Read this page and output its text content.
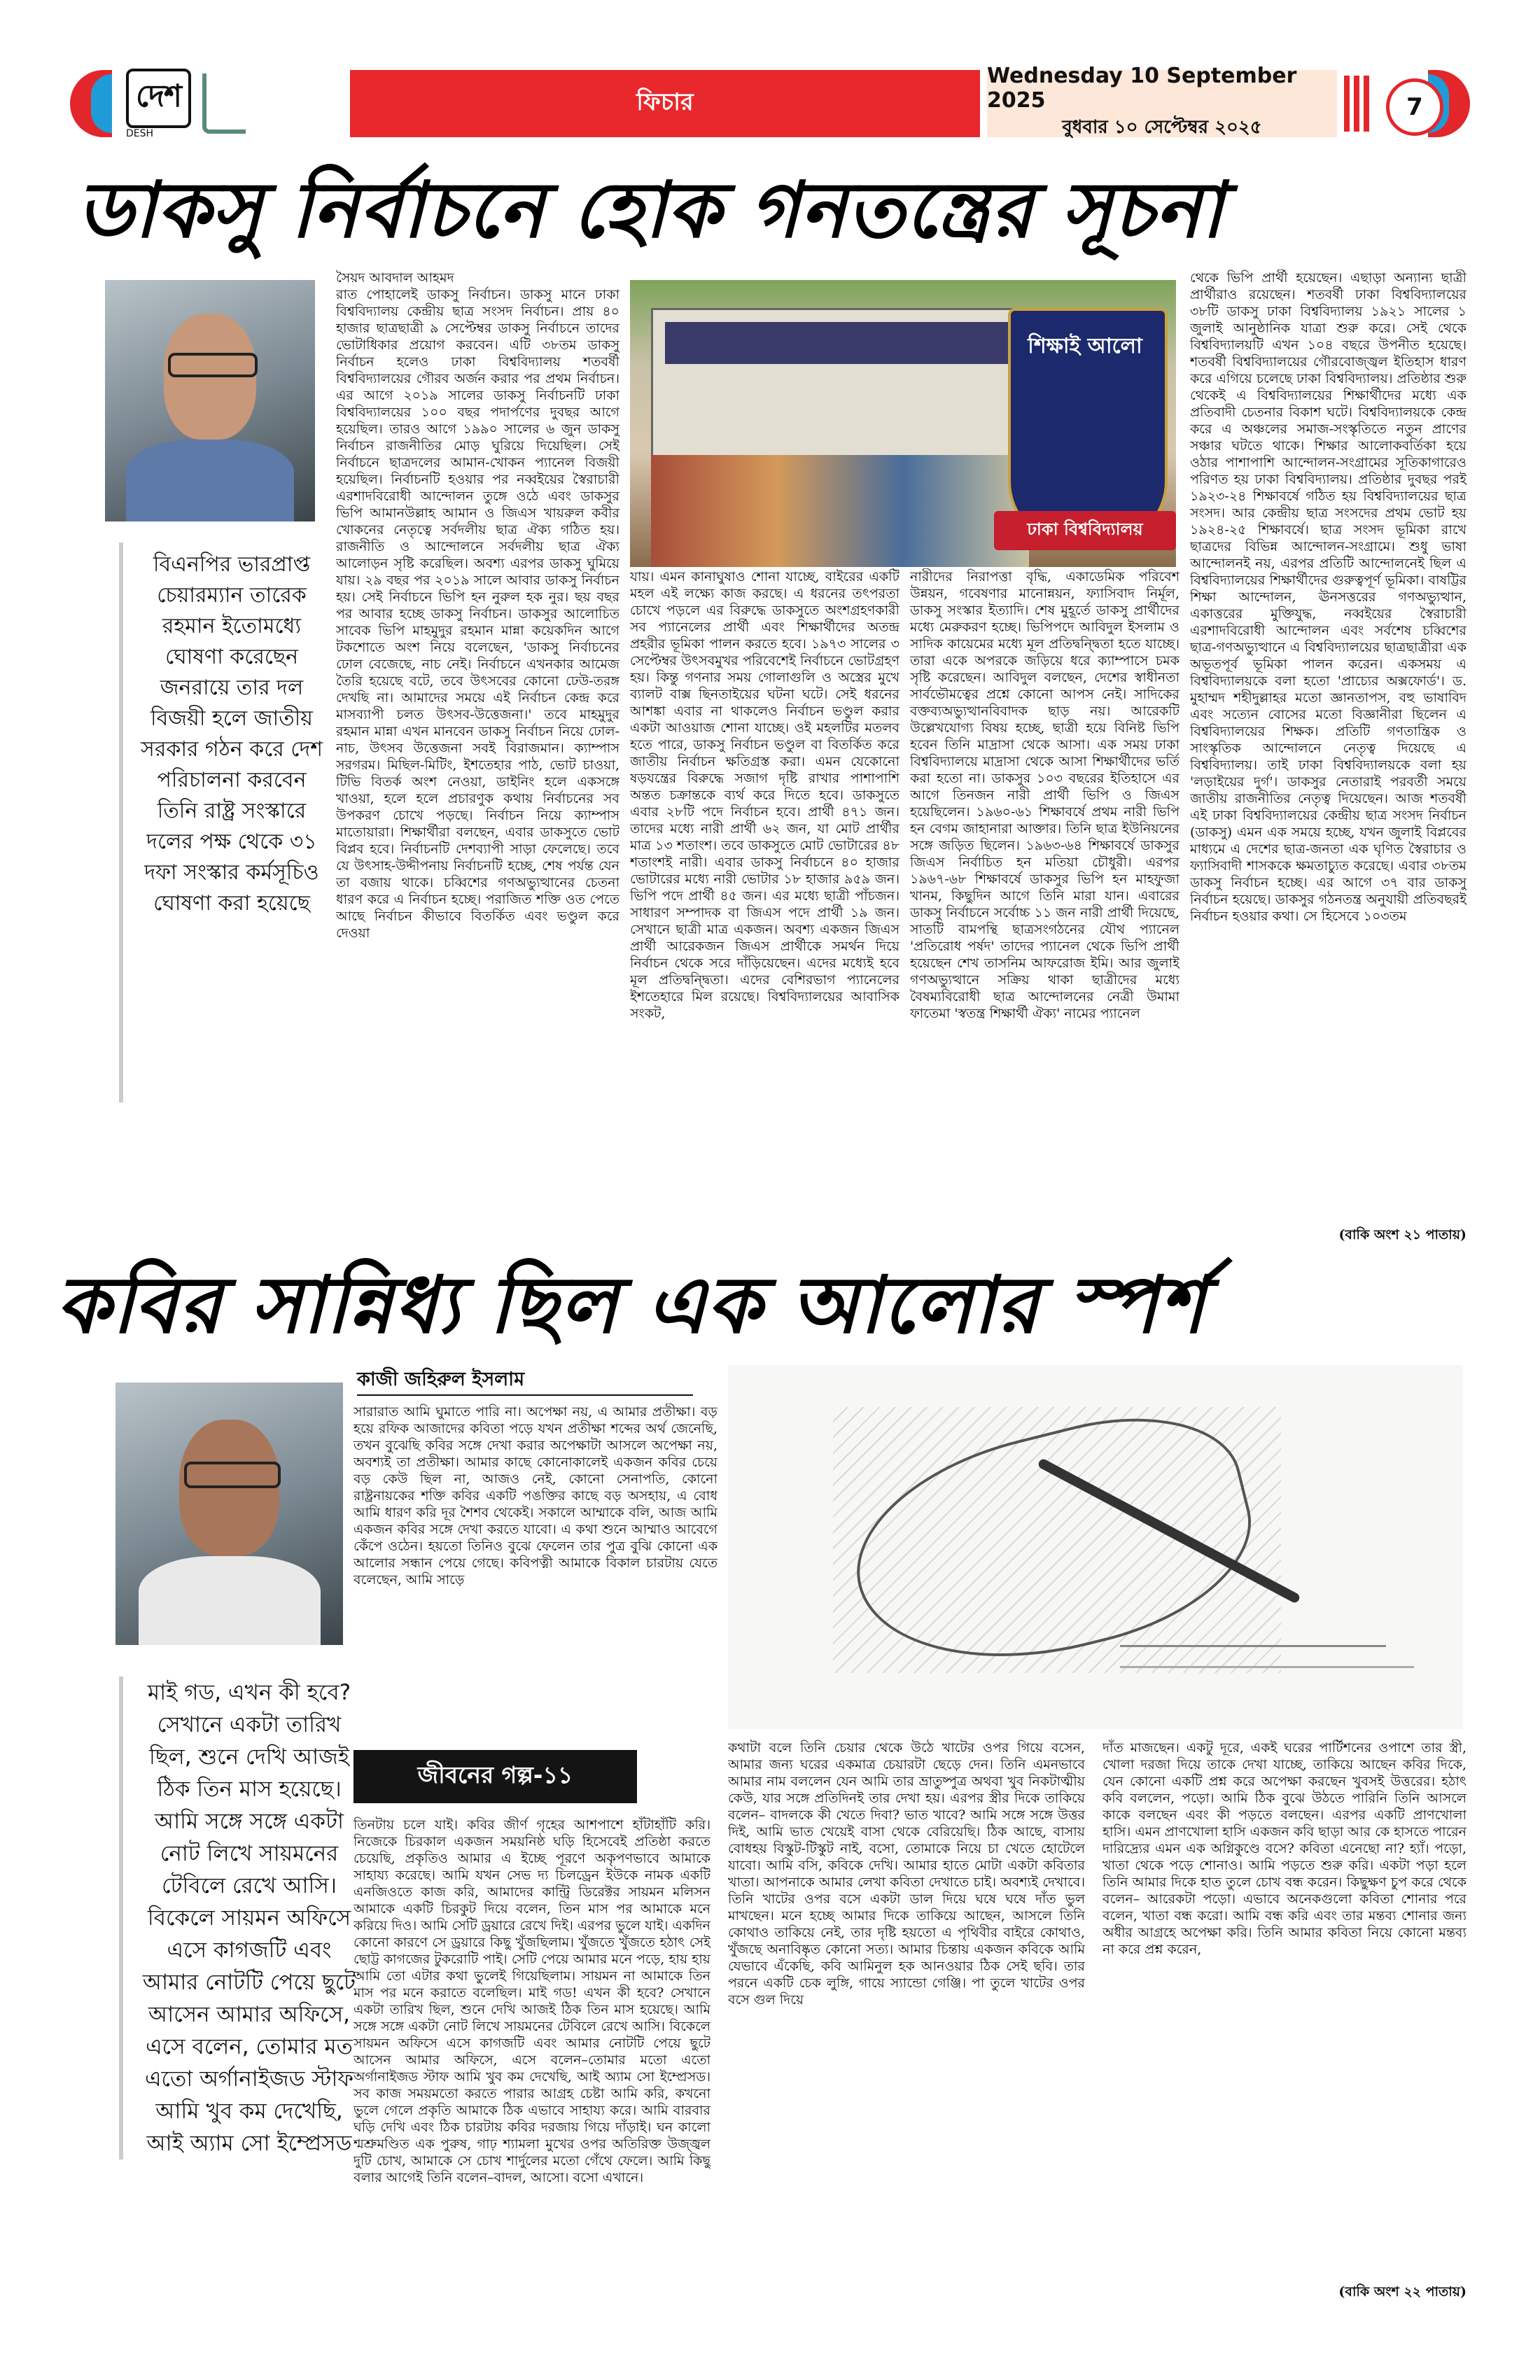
দেশ
DESH
ফিচার
Wednesday 10 September 2025
বুধবার ১০ সেপ্টেম্বর ২০২৫
7
ডাকসু নির্বাচনে হোক গনতন্ত্রের সূচনা
বিএনপির ভারপ্রাপ্ত চেয়ারম্যান তারেক রহমান ইতোমধ্যে ঘোষণা করেছেন জনরায়ে তার দল বিজয়ী হলে জাতীয় সরকার গঠন করে দেশ পরিচালনা করবেন তিনি রাষ্ট্র সংস্কারে দলের পক্ষ থেকে ৩১ দফা সংস্কার কর্মসূচিও ঘোষণা করা হয়েছে

সৈয়দ আবদাল আহমদ

রাত পোহালেই ডাকসু নির্বাচন। ডাকসু মানে ঢাকা বিশ্ববিদ্যালয় কেন্দ্রীয় ছাত্র সংসদ নির্বাচন। প্রায় ৪০ হাজার ছাত্রছাত্রী ৯ সেপ্টেম্বর ডাকসু নির্বাচনে তাদের ভোটাধিকার প্রয়োগ করবেন। এটি ৩৮তম ডাকসু নির্বাচন হলেও ঢাকা বিশ্ববিদ্যালয় শতবর্ষী বিশ্ববিদ্যালয়ের গৌরব অর্জন করার পর প্রথম নির্বাচন। এর আগে ২০১৯ সালের ডাকসু নির্বাচনটি ঢাকা বিশ্ববিদ্যালয়ের ১০০ বছর পদার্পণের দুবছর আগে হয়েছিল। তারও আগে ১৯৯০ সালের ৬ জুন ডাকসু নির্বাচন রাজনীতির মোড় ঘুরিয়ে দিয়েছিল। সেই নির্বাচনে ছাত্রদলের আমান-খোকন প্যানেল বিজয়ী হয়েছিল। নির্বাচনটি হওয়ার পর নব্বইয়ের স্বৈরাচারী এরশাদবিরোধী আন্দোলন তুঙ্গে ওঠে এবং ডাকসুর ভিপি আমানউল্লাহ আমান ও জিএস খায়রুল কবীর খোকনের নেতৃত্বে সর্বদলীয় ছাত্র ঐক্য গঠিত হয়। রাজনীতি ও আন্দোলনে সর্বদলীয় ছাত্র ঐক্য আলোড়ন সৃষ্টি করেছিল। অবশ্য এরপর ডাকসু ঘুমিয়ে যায়। ২৯ বছর পর ২০১৯ সালে আবার ডাকসু নির্বাচন হয়। সেই নির্বাচনে ভিপি হন নুরুল হক নুর। ছয় বছর পর আবার হচ্ছে ডাকসু নির্বাচন। ডাকসুর আলোচিত সাবেক ভিপি মাহমুদুর রহমান মান্না কয়েকদিন আগে টকশোতে অংশ নিয়ে বলেছেন, 'ডাকসু নির্বাচনের ঢোল বেজেছে, নাচ নেই। নির্বাচনে এখনকার আমেজ তৈরি হয়েছে বটে, তবে উৎসবের কোনো ঢেউ-তরঙ্গ দেখছি না। আমাদের সময়ে এই নির্বাচন কেন্দ্র করে মাসব্যাপী চলত উৎসব-উত্তেজনা।' তবে মাহমুদুর রহমান মান্না এখন মানবেন ডাকসু নির্বাচন নিয়ে ঢোল-নাচ, উৎসব উত্তেজনা সবই বিরাজমান। ক্যাম্পাস সরগরম। মিছিল-মিটিং, ইশতেহার পাঠ, ভোট চাওয়া, টিভি বিতর্ক অংশ নেওয়া, ডাইনিং হলে একসঙ্গে খাওয়া, হলে হলে প্রচারণুক কথায় নির্বাচনের সব উপকরণ চোখে পড়ছে। নির্বাচন নিয়ে ক্যাম্পাস মাতোয়ারা। শিক্ষার্থীরা বলছেন, এবার ডাকসুতে ভোট বিপ্লব হবে। নির্বাচনটি দেশব্যাপী সাড়া ফেলেছে। তবে যে উৎসাহ-উদ্দীপনায় নির্বাচনটি হচ্ছে, শেষ পর্যন্ত যেন তা বজায় থাকে। চব্বিশের গণঅভ্যুত্থানের চেতনা ধারণ করে এ নির্বাচন হচ্ছে। পরাজিত শক্তি ওত পেতে আছে নির্বাচন কীভাবে বিতর্কিত এবং ভণ্ডুল করে দেওয়া

শিক্ষাই আলো
ঢাকা বিশ্ববিদ্যালয়

যায়। এমন কানাঘুষাও শোনা যাচ্ছে, বাইরের একটি মহল এই লক্ষ্যে কাজ করছে। এ ধরনের তৎপরতা চোখে পড়লে এর বিরুদ্ধে ডাকসুতে অংশগ্রহণকারী সব প্যানেলের প্রার্থী এবং শিক্ষার্থীদের অতন্দ্র প্রহরীর ভূমিকা পালন করতে হবে। ১৯৭৩ সালের ৩ সেপ্টেম্বর উৎসবমুখর পরিবেশেই নির্বাচনে ভোটগ্রহণ হয়। কিন্তু গণনার সময় গোলাগুলি ও অস্ত্রের মুখে ব্যালট বাক্স ছিনতাইয়ের ঘটনা ঘটে। সেই ধরনের আশঙ্কা এবার না থাকলেও নির্বাচন ভণ্ডুল করার একটা আওয়াজ শোনা যাচ্ছে। ওই মহলটির মতলব হতে পারে, ডাকসু নির্বাচন ভণ্ডুল বা বিতর্কিত করে জাতীয় নির্বাচন ক্ষতিগ্রস্ত করা। এমন যেকোনো ষড়যন্ত্রের বিরুদ্ধে সজাগ দৃষ্টি রাখার পাশাপাশি অন্তত চক্রান্তকে ব্যর্থ করে দিতে হবে। ডাকসুতে এবার ২৮টি পদে নির্বাচন হবে। প্রার্থী ৪৭১ জন। তাদের মধ্যে নারী প্রার্থী ৬২ জন, যা মোট প্রার্থীর মাত্র ১৩ শতাংশ। তবে ডাকসুতে মোট ভোটারের ৪৮ শতাংশই নারী। এবার ডাকসু নির্বাচনে ৪০ হাজার ভোটারের মধ্যে নারী ভোটার ১৮ হাজার ৯৫৯ জন। ভিপি পদে প্রার্থী ৪৫ জন। এর মধ্যে ছাত্রী পাঁচজন। সাধারণ সম্পাদক বা জিএস পদে প্রার্থী ১৯ জন। সেখানে ছাত্রী মাত্র একজন। অবশ্য একজন জিএস প্রার্থী আরেকজন জিএস প্রার্থীকে সমর্থন দিয়ে নির্বাচন থেকে সরে দাঁড়িয়েছেন। এদের মধ্যেই হবে মূল প্রতিদ্বন্দ্বিতা। এদের বেশিরভাগ প্যানেলের ইশতেহারে মিল রয়েছে। বিশ্ববিদ্যালয়ের আবাসিক সংকট,

নারীদের নিরাপত্তা বৃদ্ধি, একাডেমিক পরিবেশ উন্নয়ন, গবেষণার মানোন্নয়ন, ফ্যাসিবাদ নির্মূল, ডাকসু সংস্কার ইত্যাদি। শেষ মুহূর্তে ডাকসু প্রার্থীদের মধ্যে মেরুকরণ হচ্ছে। ভিপিপদে আবিদুল ইসলাম ও সাদিক কায়েমের মধ্যে মূল প্রতিদ্বন্দ্বিতা হতে যাচ্ছে। তারা একে অপরকে জড়িয়ে ধরে ক্যাম্পাসে চমক সৃষ্টি করেছেন। আবিদুল বলছেন, দেশের স্বাধীনতা সার্বভৌমত্বের প্রশ্নে কোনো আপস নেই। সাদিকের বক্তব্যঅভ্যুত্থানবিবাদক ছাড় নয়। আরেকটি উল্লেখযোগ্য বিষয় হচ্ছে, ছাত্রী হয়ে বিনিষ্ট ভিপি হবেন তিনি মাদ্রাসা থেকে আসা। এক সময় ঢাকা বিশ্ববিদ্যালয়ে মাদ্রাসা থেকে আসা শিক্ষার্থীদের ভর্তি করা হতো না। ডাকসুর ১০৩ বছরের ইতিহাসে এর আগে তিনজন নারী প্রার্থী ভিপি ও জিএস হয়েছিলেন। ১৯৬০-৬১ শিক্ষাবর্ষে প্রথম নারী ভিপি হন বেগম জাহানারা আক্তার। তিনি ছাত্র ইউনিয়নের সঙ্গে জড়িত ছিলেন। ১৯৬৩-৬৪ শিক্ষাবর্ষে ডাকসুর জিএস নির্বাচিত হন মতিয়া চৌধুরী। এরপর ১৯৬৭-৬৮ শিক্ষাবর্ষে ডাকসুর ভিপি হন মাহফুজা খানম, কিছুদিন আগে তিনি মারা যান। এবারের ডাকসু নির্বাচনে সর্বোচ্চ ১১ জন নারী প্রার্থী দিয়েছে, সাতটি বামপন্থি ছাত্রসংগঠনের যৌথ প্যানেল 'প্রতিরোধ পর্ষদ' তাদের প্যানেল থেকে ভিপি প্রার্থী হয়েছেন শেখ তাসনিম আফরোজ ইমি। আর জুলাই গণঅভ্যুত্থানে সক্রিয় থাকা ছাত্রীদের মধ্যে বৈষম্যবিরোধী ছাত্র আন্দোলনের নেত্রী উমামা ফাতেমা 'স্বতন্ত্র শিক্ষার্থী ঐক্য' নামের প্যানেল

থেকে ভিপি প্রার্থী হয়েছেন। এছাড়া অন্যান্য ছাত্রী প্রার্থীরাও রয়েছেন। শতবর্ষী ঢাকা বিশ্ববিদ্যালয়ের ৩৮টি ডাকসু ঢাকা বিশ্ববিদ্যালয় ১৯২১ সালের ১ জুলাই আনুষ্ঠানিক যাত্রা শুরু করে। সেই থেকে বিশ্ববিদ্যালয়টি এখন ১০৪ বছরে উপনীত হয়েছে। শতবর্ষী বিশ্ববিদ্যালয়ের গৌরবোজ্জ্বল ইতিহাস ধারণ করে এগিয়ে চলেছে ঢাকা বিশ্ববিদ্যালয়। প্রতিষ্ঠার শুরু থেকেই এ বিশ্ববিদ্যালয়ের শিক্ষার্থীদের মধ্যে এক প্রতিবাদী চেতনার বিকাশ ঘটে। বিশ্ববিদ্যালয়কে কেন্দ্র করে এ অঞ্চলের সমাজ-সংস্কৃতিতে নতুন প্রাণের সঞ্চার ঘটতে থাকে। শিক্ষার আলোকবর্তিকা হয়ে ওঠার পাশাপাশি আন্দোলন-সংগ্রামের সূতিকাগারেও পরিণত হয় ঢাকা বিশ্ববিদ্যালয়। প্রতিষ্ঠার দুবছর পরই ১৯২৩-২৪ শিক্ষাবর্ষে গঠিত হয় বিশ্ববিদ্যালয়ের ছাত্র সংসদ। আর কেন্দ্রীয় ছাত্র সংসদের প্রথম ভোট হয় ১৯২৪-২৫ শিক্ষাবর্ষে। ছাত্র সংসদ ভূমিকা রাখে ছাত্রদের বিভিন্ন আন্দোলন-সংগ্রামে। শুধু ভাষা আন্দোলনই নয়, এরপর প্রতিটি আন্দোলনেই ছিল এ বিশ্ববিদ্যালয়ের শিক্ষার্থীদের গুরুত্বপূর্ণ ভূমিকা। বাষট্টির শিক্ষা আন্দোলন, ঊনসত্তরের গণঅভ্যুত্থান, একাত্তরের মুক্তিযুদ্ধ, নব্বইয়ের স্বৈরাচারী এরশাদবিরোধী আন্দোলন এবং সর্বশেষ চব্বিশের ছাত্র-গণঅভ্যুত্থানে এ বিশ্ববিদ্যালয়ের ছাত্রছাত্রীরা এক অভূতপূর্ব ভূমিকা পালন করেন। একসময় এ বিশ্ববিদ্যালয়কে বলা হতো 'প্রাচ্যের অক্সফোর্ড'। ড. মুহাম্মদ শহীদুল্লাহর মতো জ্ঞানতাপস, বহু ভাষাবিদ এবং সত্যেন বোসের মতো বিজ্ঞানীরা ছিলেন এ বিশ্ববিদ্যালয়ের শিক্ষক। প্রতিটি গণতান্ত্রিক ও সাংস্কৃতিক আন্দোলনে নেতৃত্ব দিয়েছে এ বিশ্ববিদ্যালয়। তাই ঢাকা বিশ্ববিদ্যালয়কে বলা হয় 'লড়াইয়ের দুর্গ'। ডাকসুর নেতারাই পরবর্তী সময়ে জাতীয় রাজনীতির নেতৃত্ব দিয়েছেন। আজ শতবর্ষী এই ঢাকা বিশ্ববিদ্যালয়ের কেন্দ্রীয় ছাত্র সংসদ নির্বাচন (ডাকসু) এমন এক সময়ে হচ্ছে, যখন জুলাই বিপ্লবের মাধ্যমে এ দেশের ছাত্র-জনতা এক ঘৃণিত স্বৈরাচার ও ফ্যাসিবাদী শাসককে ক্ষমতাচ্যুত করেছে। এবার ৩৮তম ডাকসু নির্বাচন হচ্ছে। এর আগে ৩৭ বার ডাকসু নির্বাচন হয়েছে। ডাকসুর গঠনতন্ত্র অনুযায়ী প্রতিবছরই নির্বাচন হওয়ার কথা। সে হিসেবে ১০৩তম

(বাকি অংশ ২১ পাতায়)
কবির সান্নিধ্য ছিল এক আলোর স্পর্শ
কাজী জহিরুল ইসলাম

সারারাত আমি ঘুমাতে পারি না। অপেক্ষা নয়, এ আমার প্রতীক্ষা। বড় হয়ে রফিক আজাদের কবিতা পড়ে যখন প্রতীক্ষা শব্দের অর্থ জেনেছি, তখন বুঝেছি কবির সঙ্গে দেখা করার অপেক্ষাটা আসলে অপেক্ষা নয়, অবশ্যই তা প্রতীক্ষা। আমার কাছে কোনোকালেই একজন কবির চেয়ে বড় কেউ ছিল না, আজও নেই, কোনো সেনাপতি, কোনো রাষ্ট্রনায়কের শক্তি কবির একটি পঙক্তির কাছে বড় অসহায়, এ বোধ আমি ধারণ করি দূর শৈশব থেকেই। সকালে আম্মাকে বলি, আজ আমি একজন কবির সঙ্গে দেখা করতে যাবো। এ কথা শুনে আম্মাও আবেগে কেঁপে ওঠেন। হয়তো তিনিও বুঝে ফেলেন তার পুত্র বুঝি কোনো এক আলোর সন্ধান পেয়ে গেছে। কবিপত্নী আমাকে বিকাল চারটায় যেতে বলেছেন, আমি সাড়ে

মাই গড, এখন কী হবে? সেখানে একটা তারিখ ছিল, শুনে দেখি আজই ঠিক তিন মাস হয়েছে। আমি সঙ্গে সঙ্গে একটা নোট লিখে সায়মনের টেবিলে রেখে আসি। বিকেলে সায়মন অফিসে এসে কাগজটি এবং আমার নোটটি পেয়ে ছুটে আসেন আমার অফিসে, এসে বলেন, তোমার মত এতো অর্গানাইজড স্টাফ আমি খুব কম দেখেছি, আই অ্যাম সো ইম্প্রেসড
জীবনের গল্প-১১

তিনটায় চলে যাই। কবির জীর্ণ গৃহের আশপাশে হাঁটাহাঁটি করি। নিজেকে চিরকাল একজন সময়নিষ্ঠ ঘড়ি হিসেবেই প্রতিষ্ঠা করতে চেয়েছি, প্রকৃতিও আমার এ ইচ্ছে পূরণে অকৃপণভাবে আমাকে সাহায্য করেছে। আমি যখন সেভ দ্য চিলড্রেন ইউকে নামক একটি এনজিওতে কাজ করি, আমাদের কান্ট্রি ডিরেক্টর সায়মন মলিসন আমাকে একটি চিরকুট দিয়ে বলেন, তিন মাস পর আমাকে মনে করিয়ে দিও। আমি সেটি ড্রয়ারে রেখে দিই। এরপর ভুলে যাই। একদিন কোনো কারণে সে ড্রয়ারে কিছু খুঁজছিলাম। খুঁজতে খুঁজতে হঠাৎ সেই ছোট্ট কাগজের টুকরোটি পাই। সেটি পেয়ে আমার মনে পড়ে, হায় হায় আমি তো এটার কথা ভুলেই গিয়েছিলাম। সায়মন না আমাকে তিন মাস পর মনে করাতে বলেছিল। মাই গড! এখন কী হবে? সেখানে একটা তারিখ ছিল, শুনে দেখি আজই ঠিক তিন মাস হয়েছে। আমি সঙ্গে সঙ্গে একটা নোট লিখে সায়মনের টেবিলে রেখে আসি। বিকেলে সায়মন অফিসে এসে কাগজটি এবং আমার নোটটি পেয়ে ছুটে আসেন আমার অফিসে, এসে বলেন–তোমার মতো এতো অর্গানাইজড স্টাফ আমি খুব কম দেখেছি, আই অ্যাম সো ইম্প্রেসড। সব কাজ সময়মতো করতে পারার আগ্রহ চেষ্টা আমি করি, কখনো ভুলে গেলে প্রকৃতি আমাকে ঠিক এভাবে সাহায্য করে। আমি বারবার ঘড়ি দেখি এবং ঠিক চারটায় কবির দরজায় গিয়ে দাঁড়াই। ঘন কালো শ্মশ্রুমণ্ডিত এক পুরুষ, গাঢ় শ্যামলা মুখের ওপর অতিরিক্ত উজ্জ্বল দুটি চোখ, আমাকে সে চোখ শার্দুলের মতো গেঁথে ফেলে। আমি কিছু বলার আগেই তিনি বলেন–বাদল, আসো। বসো এখানে।

কথাটা বলে তিনি চেয়ার থেকে উঠে খাটের ওপর গিয়ে বসেন, আমার জন্য ঘরের একমাত্র চেয়ারটা ছেড়ে দেন। তিনি এমনভাবে আমার নাম বললেন যেন আমি তার ভ্রাতুষ্পুত্র অথবা খুব নিকটাত্মীয় কেউ, যার সঙ্গে প্রতিদিনই তার দেখা হয়। এরপর স্ত্রীর দিকে তাকিয়ে বলেন– বাদলকে কী খেতে দিবা? ভাত খাবে? আমি সঙ্গে সঙ্গে উত্তর দিই, আমি ভাত খেয়েই বাসা থেকে বেরিয়েছি। ঠিক আছে, বাসায় বোধহয় বিস্কুট-টিস্কুট নাই, বসো, তোমাকে নিয়ে চা খেতে হোটেলে যাবো। আমি বসি, কবিকে দেখি। আমার হাতে মোটা একটা কবিতার খাতা। আপনাকে আমার লেখা কবিতা দেখাতে চাই। অবশ্যই দেখাবে। তিনি খাটের ওপর বসে একটা ডাল দিয়ে ঘষে ঘষে দাঁত ভুল মাখছেন। মনে হচ্ছে আমার দিকে তাকিয়ে আছেন, আসলে তিনি কোথাও তাকিয়ে নেই, তার দৃষ্টি হয়তো এ পৃথিবীর বাইরে কোথাও, খুঁজছে অনাবিষ্কৃত কোনো সত্য। আমার চিন্তায় একজন কবিকে আমি যেভাবে এঁকেছি, কবি আমিনুল হক আনওয়ার ঠিক সেই ছবি। তার পরনে একটি চেক লুঙ্গি, গায়ে স্যান্ডো গেঞ্জি। পা তুলে খাটের ওপর বসে গুল দিয়ে

দাঁত মাজছেন। একটু দূরে, একই ঘরের পার্টিশনের ওপাশে তার স্ত্রী, খোলা দরজা দিয়ে তাকে দেখা যাচ্ছে, তাকিয়ে আছেন কবির দিকে, যেন কোনো একটি প্রশ্ন করে অপেক্ষা করছেন খুবসই উত্তরের। হঠাৎ কবি বললেন, পড়ো। আমি ঠিক বুঝে উঠতে পারিনি তিনি আসলে কাকে বলছেন এবং কী পড়তে বলছেন। এরপর একটি প্রাণখোলা হাসি। এমন প্রাণখোলা হাসি একজন কবি ছাড়া আর কে হাসতে পারেন দারিদ্র্যের এমন এক অগ্নিকুণ্ডে বসে? কবিতা এনেছো না? হ্যাঁ। পড়ো, খাতা থেকে পড়ে শোনাও। আমি পড়তে শুরু করি। একটা পড়া হলে তিনি আমার দিকে হাত তুলে চোখ বন্ধ করেন। কিছুক্ষণ চুপ করে থেকে বলেন– আরেকটা পড়ো। এভাবে অনেকগুলো কবিতা শোনার পরে বলেন, খাতা বন্ধ করো। আমি বন্ধ করি এবং তার মন্তব্য শোনার জন্য অধীর আগ্রহে অপেক্ষা করি। তিনি আমার কবিতা নিয়ে কোনো মন্তব্য না করে প্রশ্ন করেন,

(বাকি অংশ ২২ পাতায়)
